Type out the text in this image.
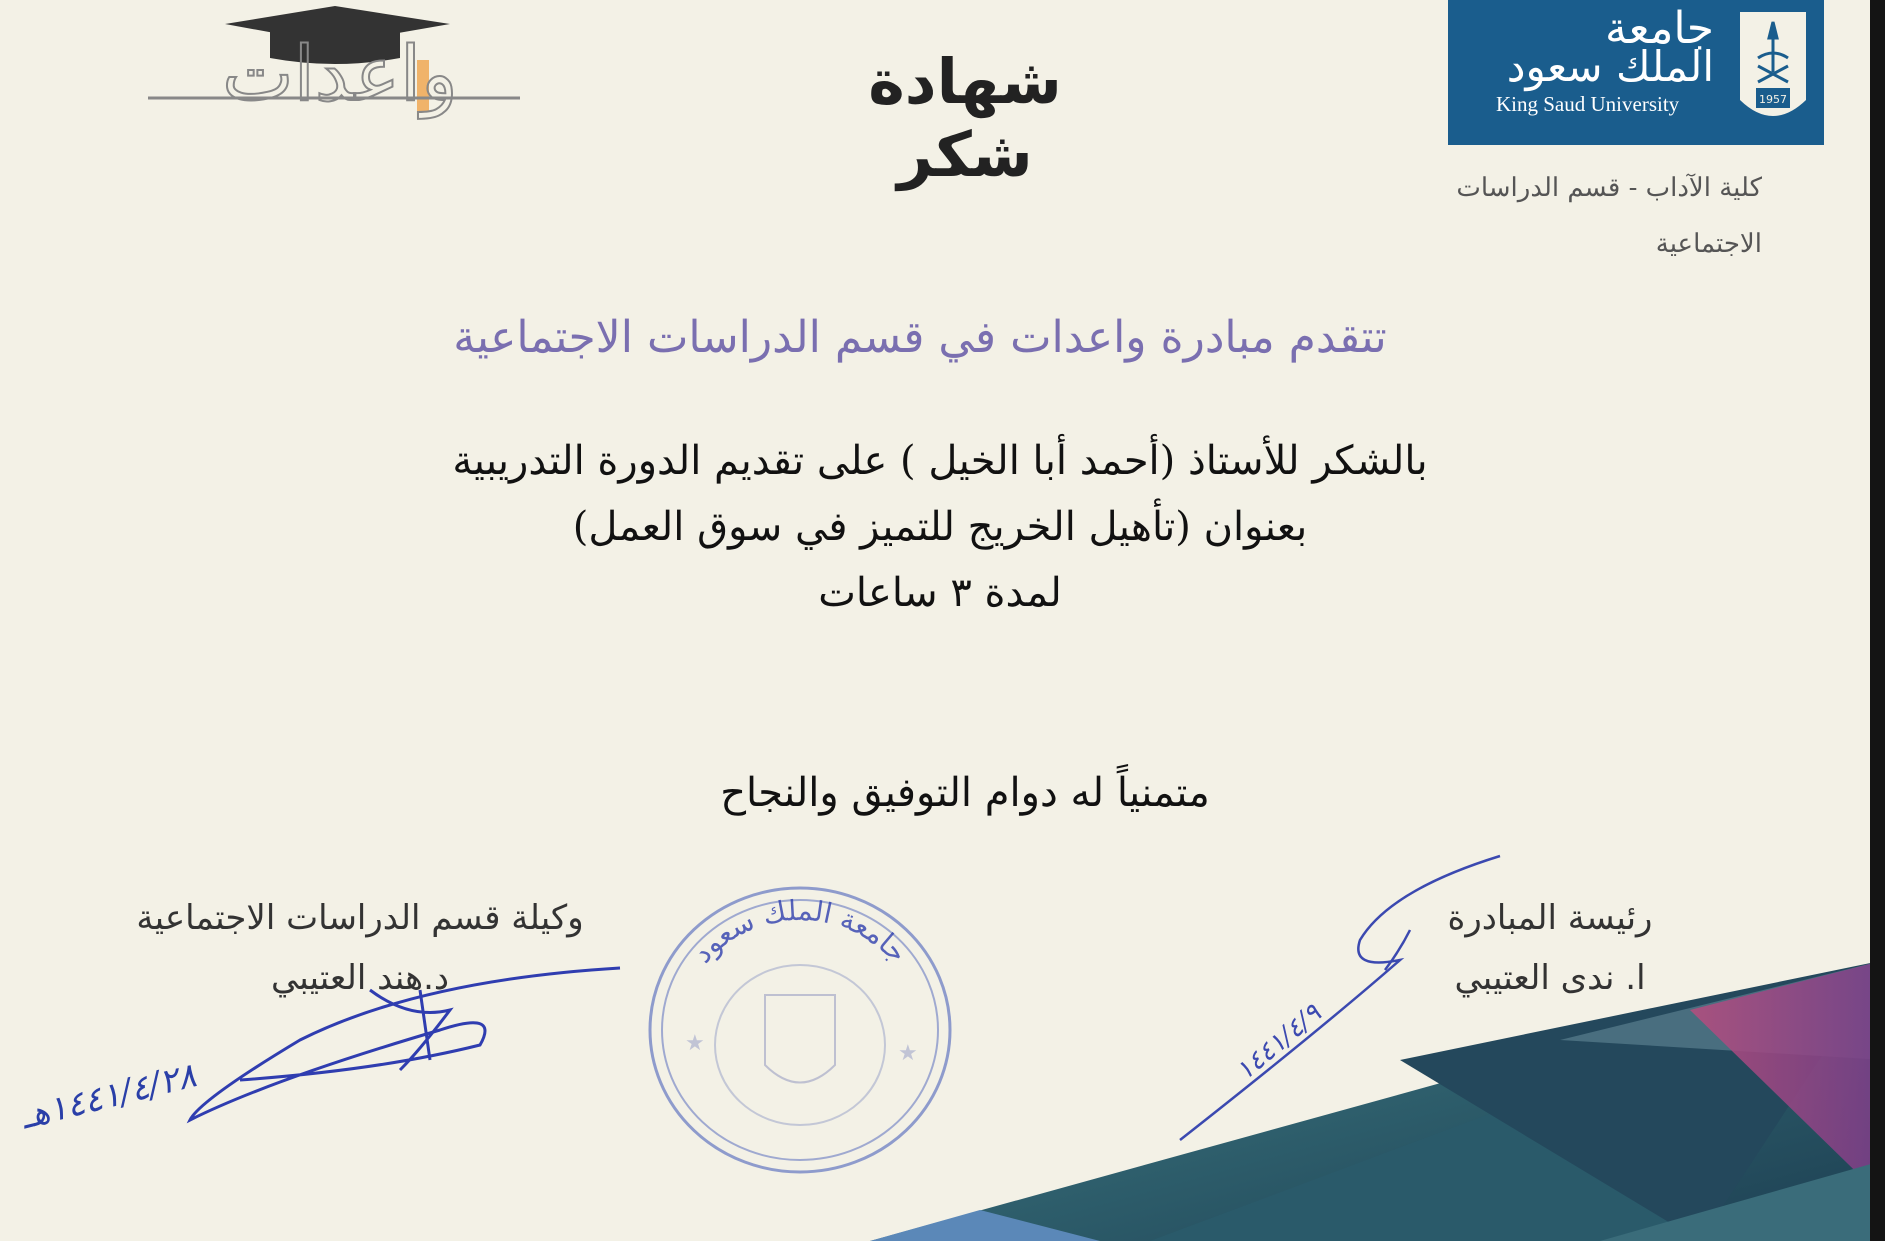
جامعة
الملك سعود
King Saud University	1957
كلية الآداب - قسم الدراسات
الاجتماعية
شهادة شكر
واعدات
تتقدم مبادرة واعدات في قسم الدراسات الاجتماعية
بالشكر للأستاذ (أحمد أبا الخيل ) على تقديم الدورة التدريبية
بعنوان (تأهيل الخريج للتميز في سوق العمل)
لمدة ٣ ساعات
متمنياً له دوام التوفيق والنجاح
جامعة الملك سعود
★	★
وكيلة قسم الدراسات الاجتماعية
د.هند العتيبي
رئيسة المبادرة
ا. ندى العتيبي
١٤٤١/٤/٢٨هـ
١٤٤١/٤/٩
